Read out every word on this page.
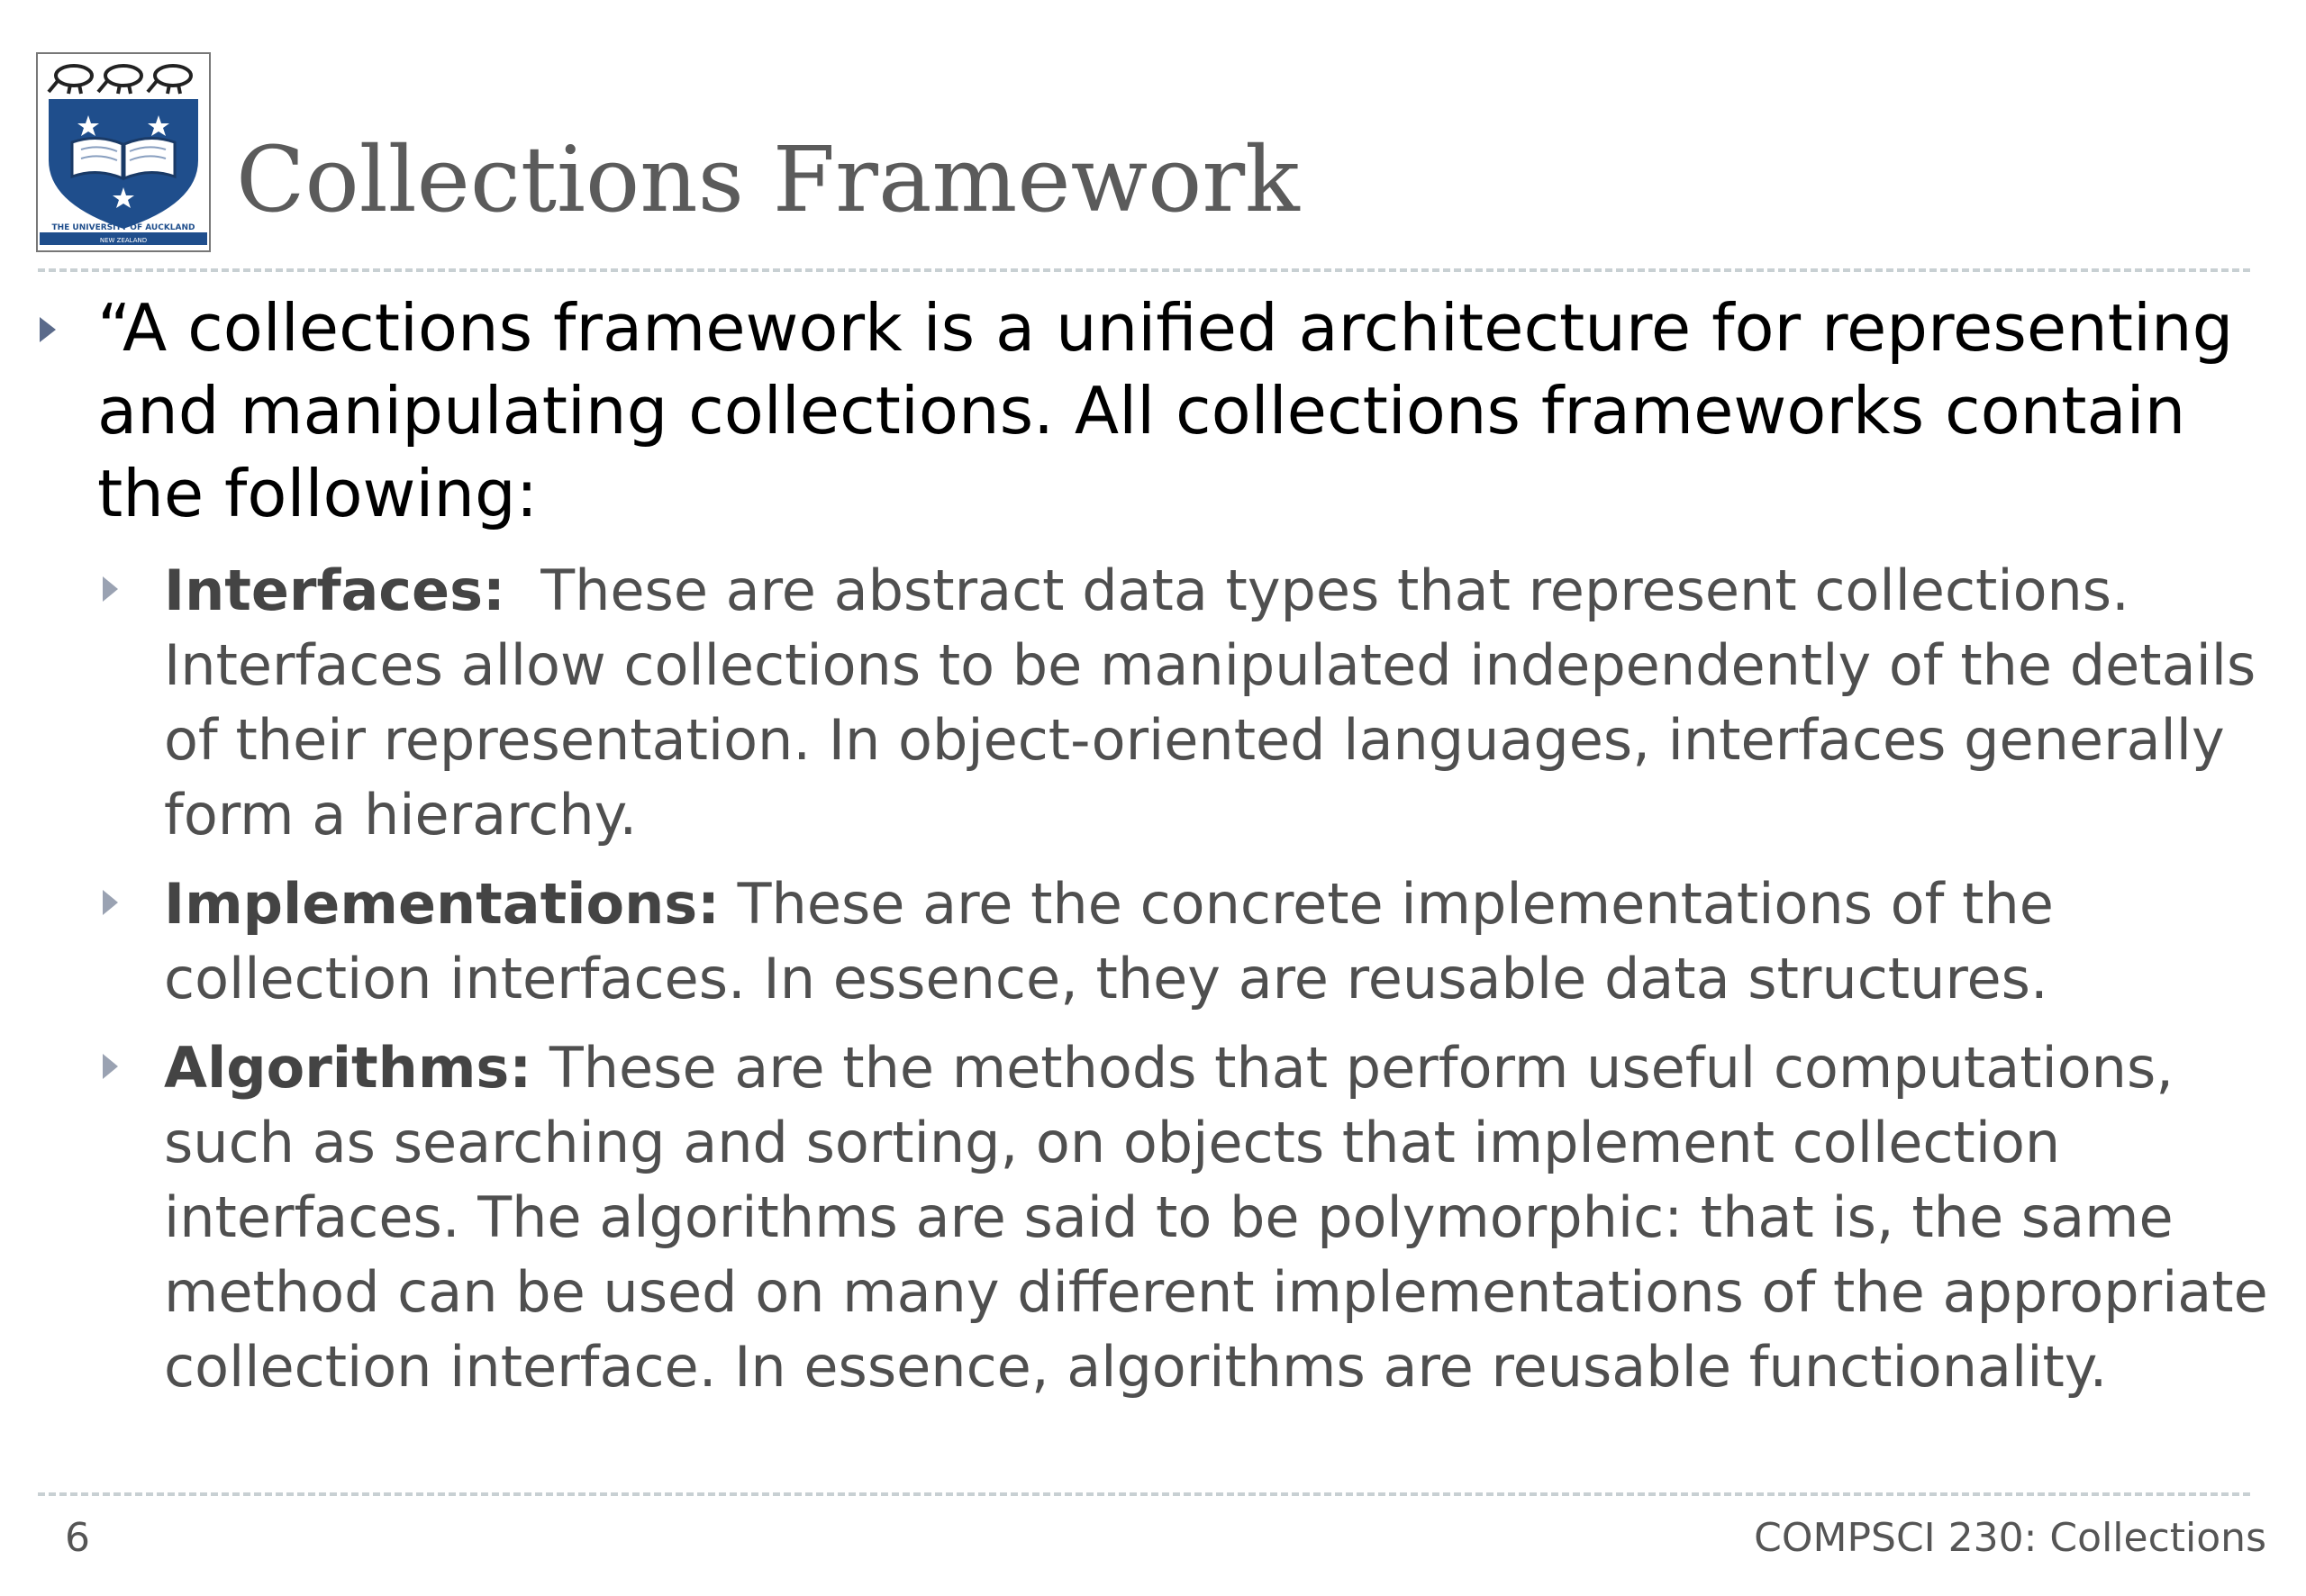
THE UNIVERSITY OF AUCKLAND
NEW ZEALAND
Collections Framework

“A collections framework is a unified architecture for representing and manipulating collections. All collections frameworks contain the following:

Interfaces: These are abstract data types that represent collections. Interfaces allow collections to be manipulated independently of the details of their representation. In object-oriented languages, interfaces generally form a hierarchy.

Implementations: These are the concrete implementations of the collection interfaces. In essence, they are reusable data structures.

Algorithms: These are the methods that perform useful computations, such as searching and sorting, on objects that implement collection interfaces. The algorithms are said to be polymorphic: that is, the same method can be used on many different implementations of the appropriate collection interface. In essence, algorithms are reusable functionality.

6	COMPSCI 230: Collections
